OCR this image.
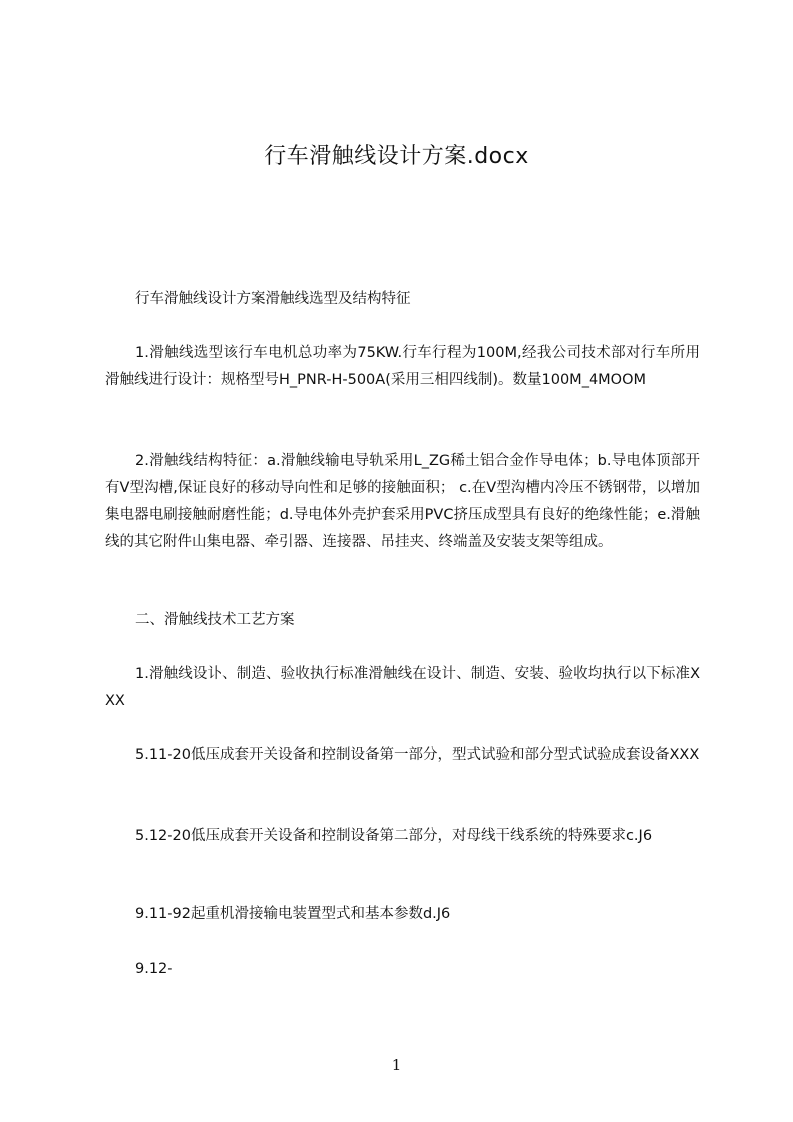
行车滑触线设计方案.docx

行车滑触线设计方案滑触线选型及结构特征

1.滑触线选型该行车电机总功率为75KW.行车行程为100M,经我公司技术部对行车所用滑触线进行设计：规格型号H_PNR-H-500A(采用三相四线制)。数量100M_4MOOM

2.滑触线结构特征：a.滑触线输电导轨采用L_ZG稀土铝合金作导电体；b.导电体顶部开有V型沟槽,保证良好的移动导向性和足够的接触面积； c.在V型沟槽内冷压不锈钢带，以增加集电器电刷接触耐磨性能；d.导电体外壳护套采用PVC挤压成型具有良好的绝缘性能；e.滑触线的其它附件山集电器、牵引器、连接器、吊挂夹、终端盖及安装支架等组成。

二、滑触线技术工艺方案

1.滑触线设讣、制造、验收执行标准滑触线在设计、制造、安装、验收均执行以下标准XXX

5.11-20低压成套开关设备和控制设备第一部分，型式试验和部分型式试验成套设备XXX

5.12-20低压成套开关设备和控制设备第二部分，对母线干线系统的特殊要求c.J6

9.11-92起重机滑接输电装置型式和基本参数d.J6

9.12-

1
